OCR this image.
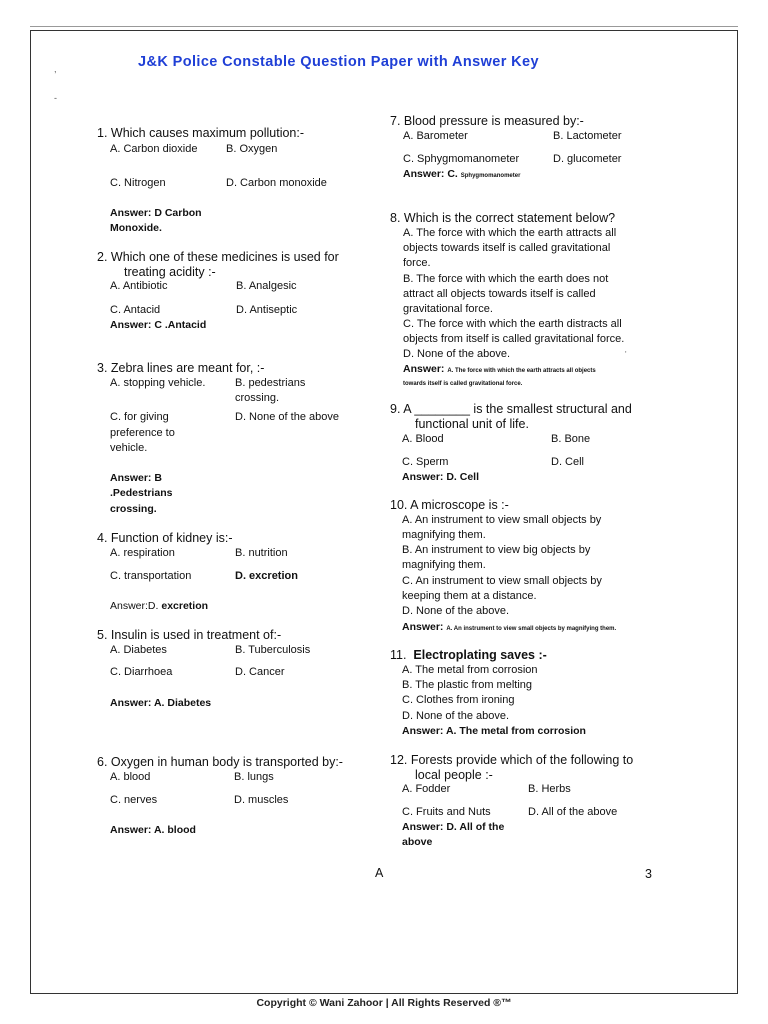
,
-
J&K Police Constable Question Paper with Answer Key
1. Which causes maximum pollution:-
A. Carbon dioxide	B. Oxygen
C. Nitrogen	D. Carbon monoxide
Answer: D Carbon
Monoxide.
2. Which one of these medicines is used for
treating acidity :-
A. Antibiotic	B. Analgesic
C. Antacid	D. Antiseptic
Answer: C .Antacid
3. Zebra lines are meant for, :-
A. stopping vehicle.	B. pedestrians
crossing.
C. for giving
preference to
vehicle.
D. None of the above
Answer: B
.Pedestrians
crossing.
4. Function of kidney is:-
A. respiration	B. nutrition
C. transportation	D. excretion
Answer:D. excretion
5. Insulin is used in treatment of:-
A. Diabetes	B. Tuberculosis
C. Diarrhoea	D. Cancer
Answer: A. Diabetes
6. Oxygen in human body is transported by:-
A. blood	B. lungs
C. nerves	D. muscles
Answer: A. blood
7. Blood pressure is measured by:-
A. Barometer	B. Lactometer
C. Sphygmomanometer	D. glucometer
Answer: C. Sphygmomanometer
8. Which is the correct statement below?
A. The force with which the earth attracts all
objects towards itself is called gravitational
force.
B. The force with which the earth does not
attract all objects towards itself is called
gravitational force.
C. The force with which the earth distracts all
objects from itself is called gravitational force.
D. None of the above.	'
Answer: A. The force with which the earth attracts all objects
towards itself is called gravitational force.
9. A ________ is the smallest structural and
functional unit of life.
A. Blood	B. Bone
C. Sperm	D. Cell
Answer: D. Cell
10. A microscope is :-
A. An instrument to view small objects by
magnifying them.
B. An instrument to view big objects by
magnifying them.
C. An instrument to view small objects by
keeping them at a distance.
D. None of the above.
Answer: A. An instrument to view small objects by magnifying them.
11. Electroplating saves :-
A. The metal from corrosion
B. The plastic from melting
C. Clothes from ironing
D. None of the above.
Answer: A. The metal from corrosion
12. Forests provide which of the following to
local people :-
A. Fodder	B. Herbs
C. Fruits and Nuts	D. All of the above
Answer: D. All of the
above
A	3
Copyright © Wani Zahoor | All Rights Reserved ®™
